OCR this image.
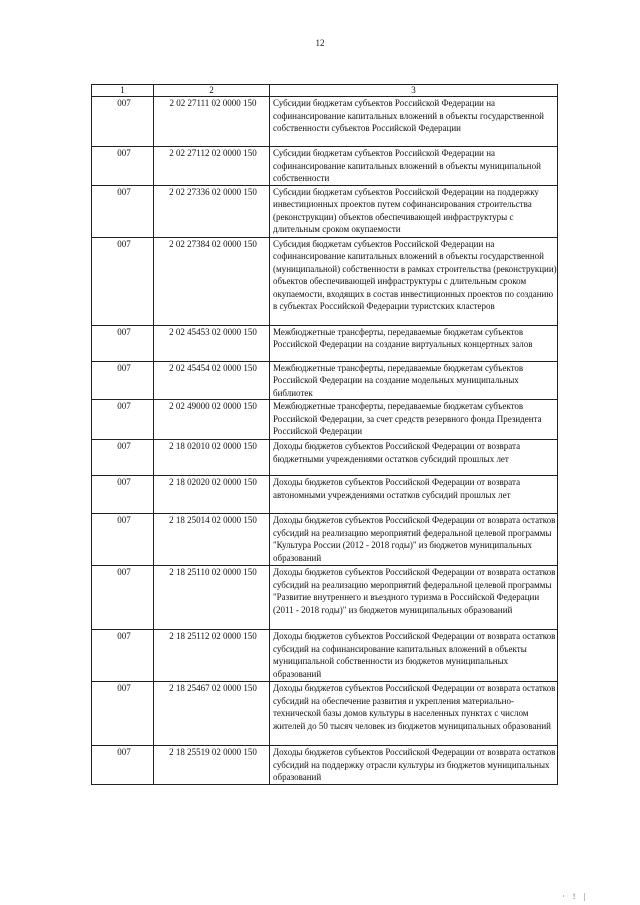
12
1	2	3
007	2 02 27111 02 0000 150	Субсидии бюджетам субъектов Российской Федерации на софинансирование капитальных вложений в объекты государственной собственности субъектов Российской Федерации
007	2 02 27112 02 0000 150	Субсидии бюджетам субъектов Российской Федерации на софинансирование капитальных вложений в объекты муниципальной собственности
007	2 02 27336 02 0000 150	Субсидии бюджетам субъектов Российской Федерации на поддержку инвестиционных проектов путем софинансирования строительства (реконструкции) объектов обеспечивающей инфраструктуры с длительным сроком окупаемости
007	2 02 27384 02 0000 150	Субсидия бюджетам субъектов Российской Федерации на софинансирование капитальных вложений в объекты государственной (муниципальной) собственности в рамках строительства (реконструкции) объектов обеспечивающей инфраструктуры с длительным сроком окупаемости, входящих в состав инвестиционных проектов по созданию в субъектах Российской Федерации туристских кластеров
007	2 02 45453 02 0000 150	Межбюджетные трансферты, передаваемые бюджетам субъектов Российской Федерации на создание виртуальных концертных залов
007	2 02 45454 02 0000 150	Межбюджетные трансферты, передаваемые бюджетам субъектов Российской Федерации на создание модельных муниципальных библиотек
007	2 02 49000 02 0000 150	Межбюджетные трансферты, передаваемые бюджетам субъектов Российской Федерации, за счет средств резервного фонда Президента Российской Федерации
007	2 18 02010 02 0000 150	Доходы бюджетов субъектов Российской Федерации от возврата бюджетными учреждениями остатков субсидий прошлых лет
007	2 18 02020 02 0000 150	Доходы бюджетов субъектов Российской Федерации от возврата автономными учреждениями остатков субсидий прошлых лет
007	2 18 25014 02 0000 150	Доходы бюджетов субъектов Российской Федерации от возврата остатков субсидий на реализацию мероприятий федеральной целевой программы "Культура России (2012 - 2018 годы)" из бюджетов муниципальных образований
007	2 18 25110 02 0000 150	Доходы бюджетов субъектов Российской Федерации от возврата остатков субсидий на реализацию мероприятий федеральной целевой программы "Развитие внутреннего и въездного туризма в Российской Федерации (2011 - 2018 годы)" из бюджетов муниципальных образований
007	2 18 25112 02 0000 150	Доходы бюджетов субъектов Российской Федерации от возврата остатков субсидий на софинансирование капитальных вложений в объекты муниципальной собственности из бюджетов муниципальных образований
007	2 18 25467 02 0000 150	Доходы бюджетов субъектов Российской Федерации от возврата остатков субсидий на обеспечение развития и укрепления материально-технической базы домов культуры в населенных пунктах с числом жителей до 50 тысяч человек из бюджетов муниципальных образований
007	2 18 25519 02 0000 150	Доходы бюджетов субъектов Российской Федерации от возврата остатков субсидий на поддержку отрасли культуры из бюджетов муниципальных образований
· ! |
